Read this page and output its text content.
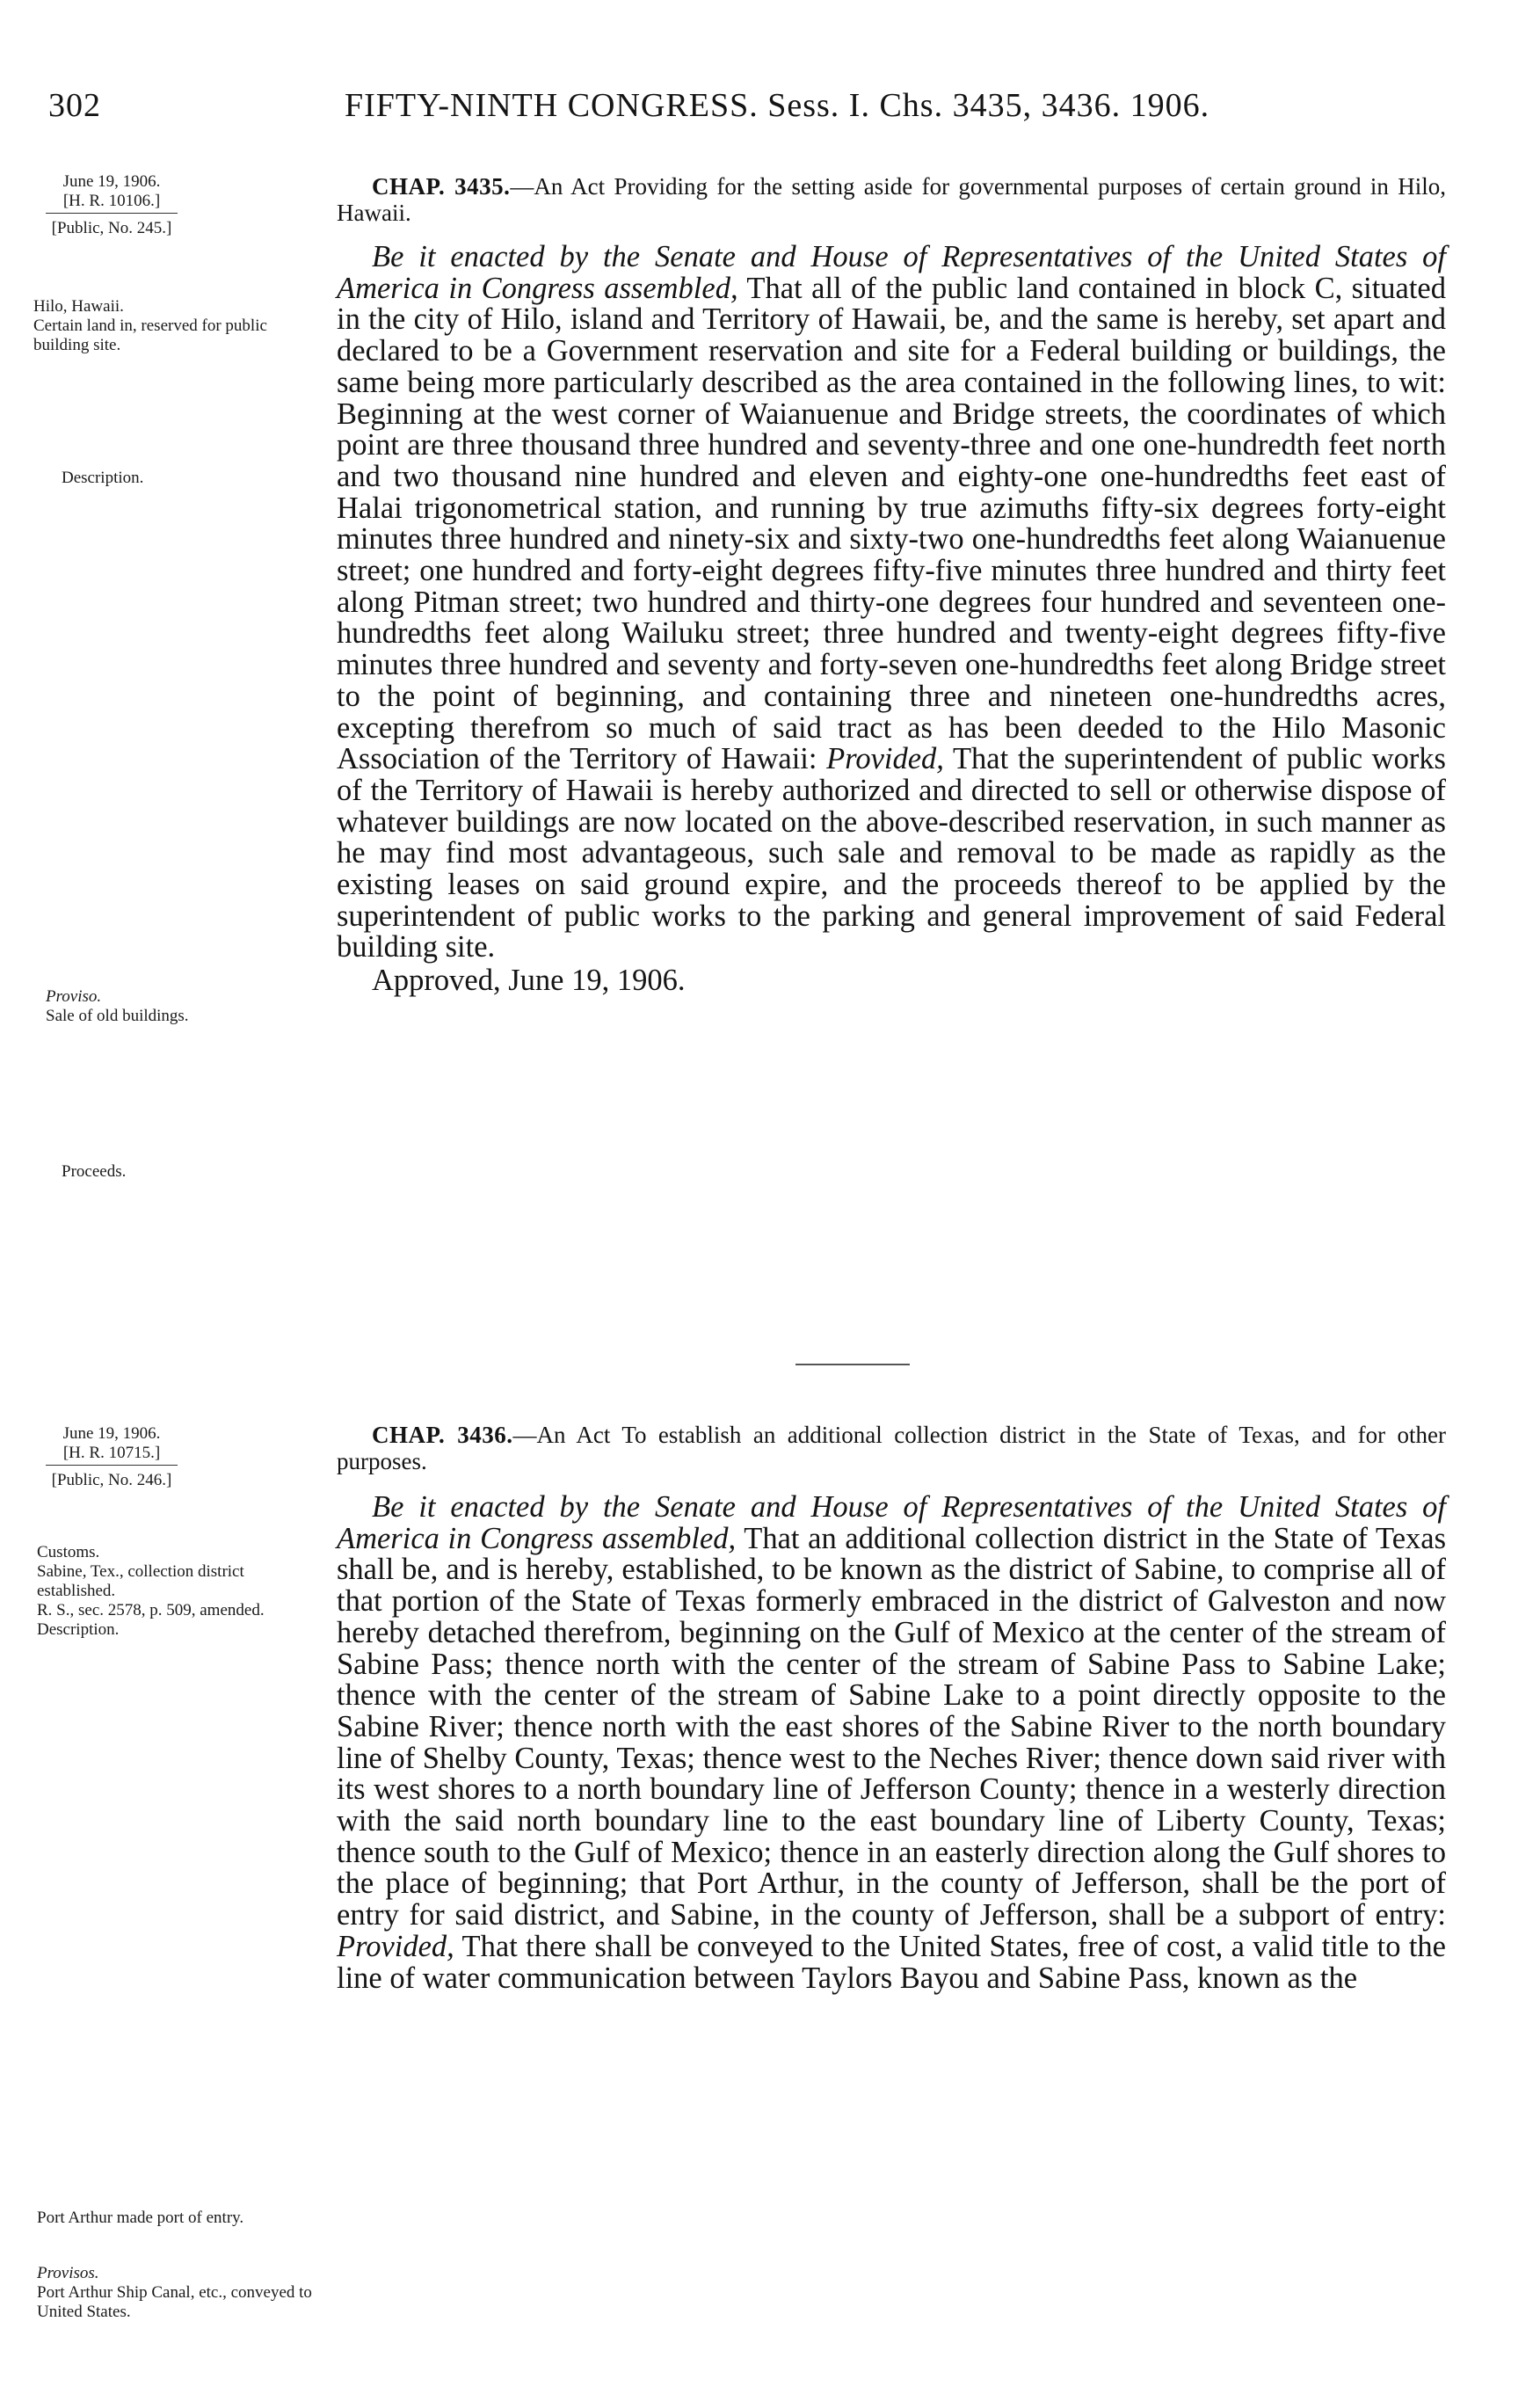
302	FIFTY-NINTH CONGRESS. Sess. I. Chs. 3435, 3436. 1906.
June 19, 1906.
[H. R. 10106.]
[Public, No. 245.]
Hilo, Hawaii.
Certain land in, reserved for public building site.
Description.
Proviso.
Sale of old buildings.
Proceeds.

CHAP. 3435.—An Act Providing for the setting aside for governmental purposes of certain ground in Hilo, Hawaii.

Be it enacted by the Senate and House of Representatives of the United States of America in Congress assembled, That all of the public land contained in block C, situated in the city of Hilo, island and Territory of Hawaii, be, and the same is hereby, set apart and declared to be a Government reservation and site for a Federal building or buildings, the same being more particularly described as the area contained in the following lines, to wit: Beginning at the west corner of Waianuenue and Bridge streets, the coordinates of which point are three thousand three hundred and seventy-three and one one-hundredth feet north and two thousand nine hundred and eleven and eighty-one one-hundredths feet east of Halai trigonometrical station, and running by true azimuths fifty-six degrees forty-eight minutes three hundred and ninety-six and sixty-two one-hundredths feet along Waianuenue street; one hundred and forty-eight degrees fifty-five minutes three hundred and thirty feet along Pitman street; two hundred and thirty-one degrees four hundred and seventeen one-hundredths feet along Wailuku street; three hundred and twenty-eight degrees fifty-five minutes three hundred and seventy and forty-seven one-hundredths feet along Bridge street to the point of beginning, and containing three and nineteen one-hundredths acres, excepting therefrom so much of said tract as has been deeded to the Hilo Masonic Association of the Territory of Hawaii: Provided, That the superintendent of public works of the Territory of Hawaii is hereby authorized and directed to sell or otherwise dispose of whatever buildings are now located on the above-described reservation, in such manner as he may find most advantageous, such sale and removal to be made as rapidly as the existing leases on said ground expire, and the proceeds thereof to be applied by the superintendent of public works to the parking and general improvement of said Federal building site.

Approved, June 19, 1906.

June 19, 1906.
[H. R. 10715.]
[Public, No. 246.]
Customs.
Sabine, Tex., collection district established.
R. S., sec. 2578, p. 509, amended.
Description.
Port Arthur made port of entry.
Provisos.
Port Arthur Ship Canal, etc., conveyed to United States.

CHAP. 3436.—An Act To establish an additional collection district in the State of Texas, and for other purposes.

Be it enacted by the Senate and House of Representatives of the United States of America in Congress assembled, That an additional collection district in the State of Texas shall be, and is hereby, established, to be known as the district of Sabine, to comprise all of that portion of the State of Texas formerly embraced in the district of Galveston and now hereby detached therefrom, beginning on the Gulf of Mexico at the center of the stream of Sabine Pass; thence north with the center of the stream of Sabine Pass to Sabine Lake; thence with the center of the stream of Sabine Lake to a point directly opposite to the Sabine River; thence north with the east shores of the Sabine River to the north boundary line of Shelby County, Texas; thence west to the Neches River; thence down said river with its west shores to a north boundary line of Jefferson County; thence in a westerly direction with the said north boundary line to the east boundary line of Liberty County, Texas; thence south to the Gulf of Mexico; thence in an easterly direction along the Gulf shores to the place of beginning; that Port Arthur, in the county of Jefferson, shall be the port of entry for said district, and Sabine, in the county of Jefferson, shall be a subport of entry: Provided, That there shall be conveyed to the United States, free of cost, a valid title to the line of water communication between Taylors Bayou and Sabine Pass, known as the
